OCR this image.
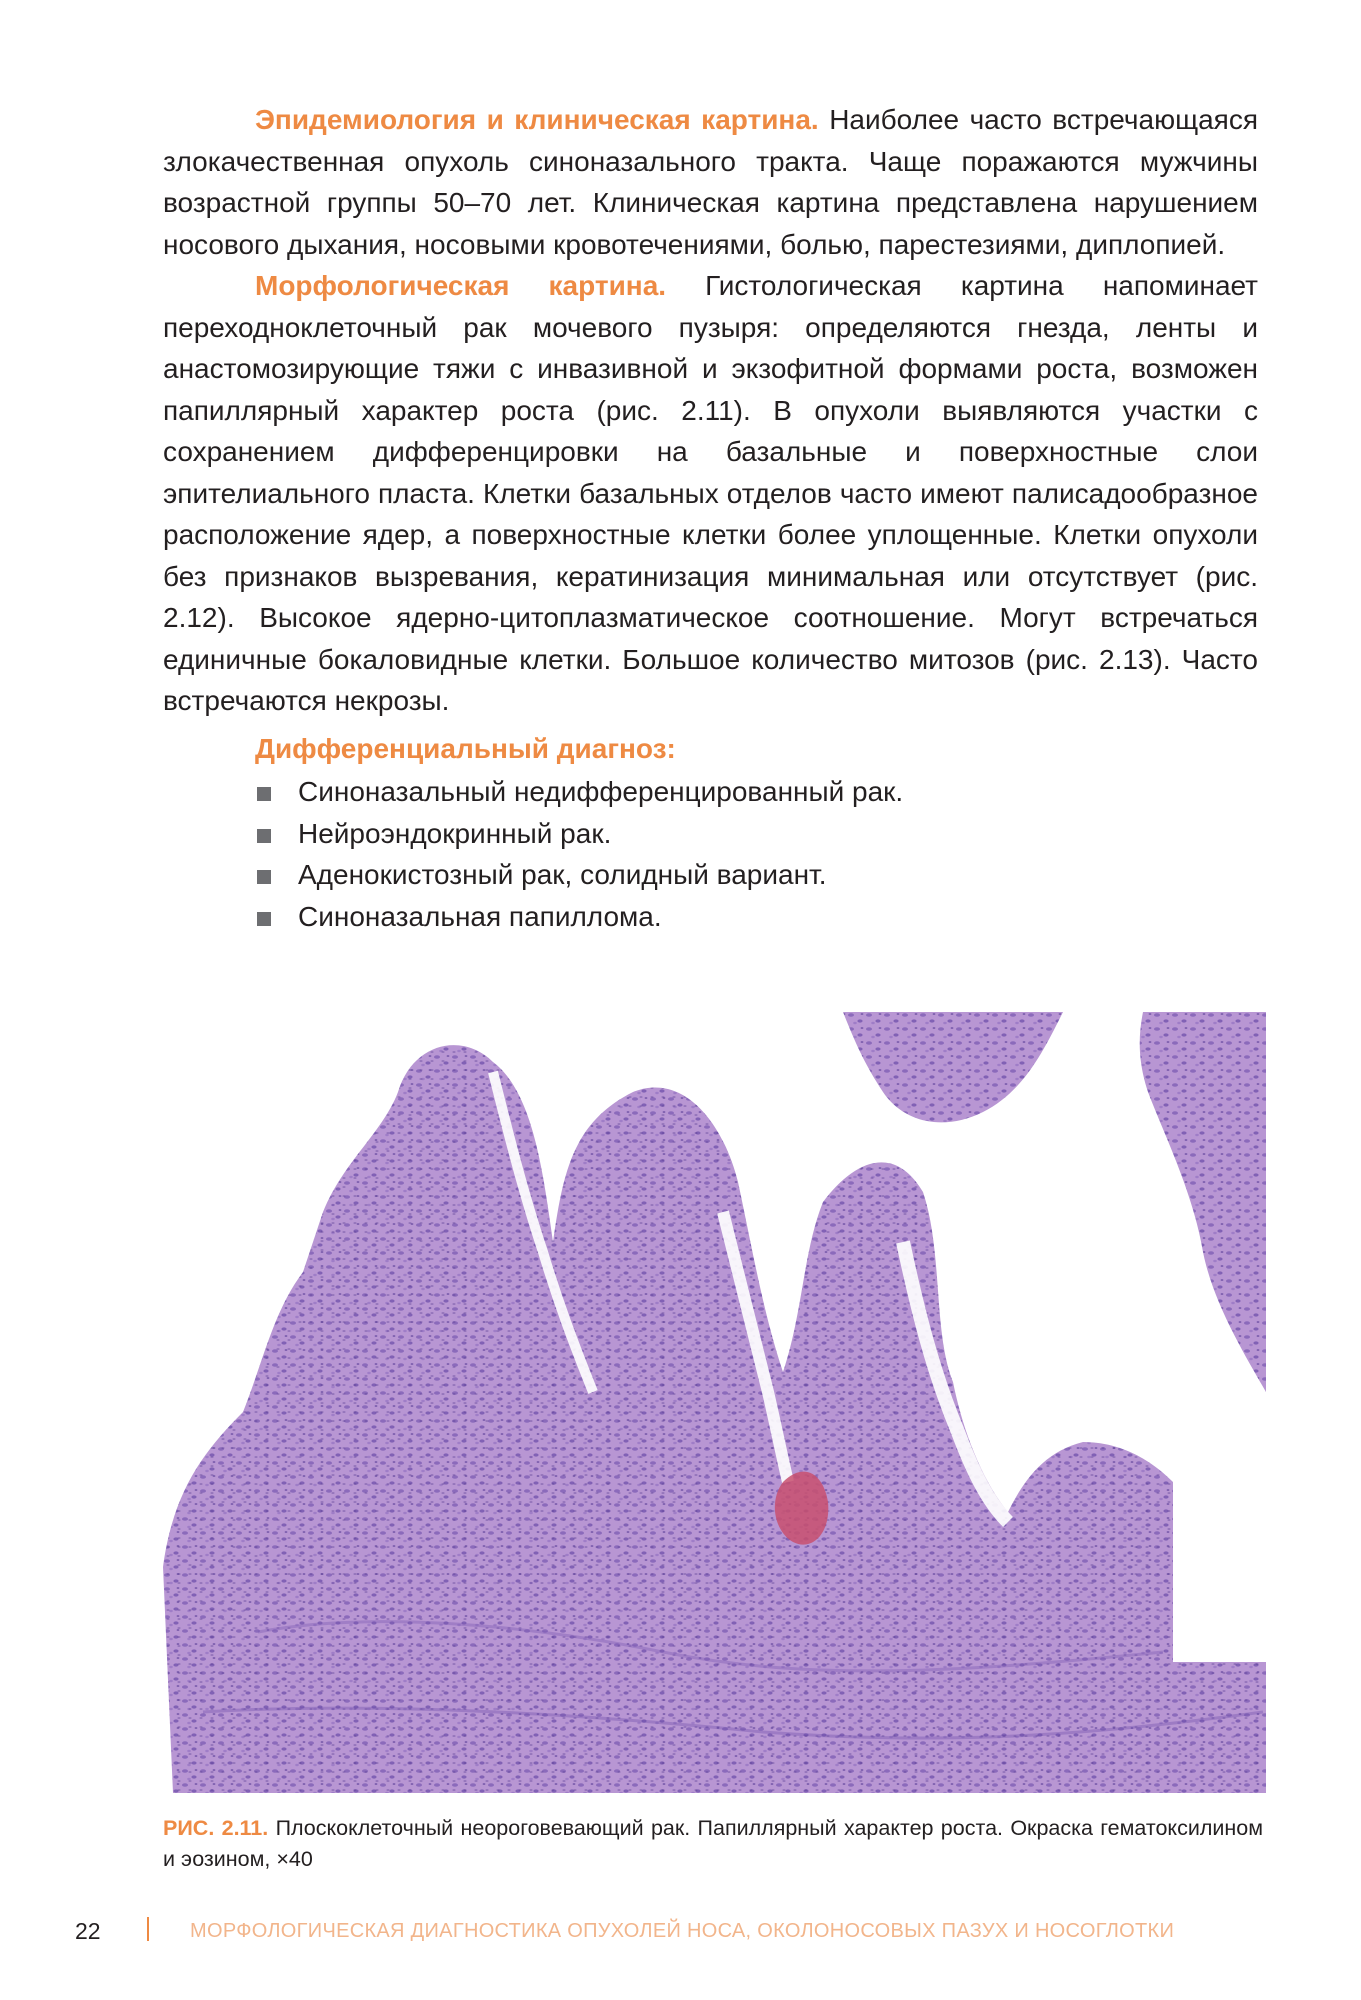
Эпидемиология и клиническая картина. Наиболее часто встречающаяся злокачественная опухоль синоназального тракта. Чаще поражаются мужчины возрастной группы 50–70 лет. Клиническая картина представлена нарушением носового дыхания, носовыми кровотечениями, болью, парестезиями, диплопией.

Морфологическая картина. Гистологическая картина напоминает переходноклеточный рак мочевого пузыря: определяются гнезда, ленты и анастомозирующие тяжи с инвазивной и экзофитной формами роста, возможен папиллярный характер роста (рис. 2.11). В опухоли выявляются участки с сохранением дифференцировки на базальные и поверхностные слои эпителиального пласта. Клетки базальных отделов часто имеют палисадообразное расположение ядер, а поверхностные клетки более уплощенные. Клетки опухоли без признаков вызревания, кератинизация минимальная или отсутствует (рис. 2.12). Высокое ядерно-цитоплазматическое соотношение. Могут встречаться единичные бокаловидные клетки. Большое количество митозов (рис. 2.13). Часто встречаются некрозы.

Дифференциальный диагноз:
Синоназальный недифференцированный рак.
Нейроэндокринный рак.
Аденокистозный рак, солидный вариант.
Синоназальная папиллома.
РИС. 2.11. Плоскоклеточный неороговевающий рак. Папиллярный характер роста. Окраска гематоксилином и эозином, ×40
22	МОРФОЛОГИЧЕСКАЯ ДИАГНОСТИКА ОПУХОЛЕЙ НОСА, ОКОЛОНОСОВЫХ ПАЗУХ И НОСОГЛОТКИ
